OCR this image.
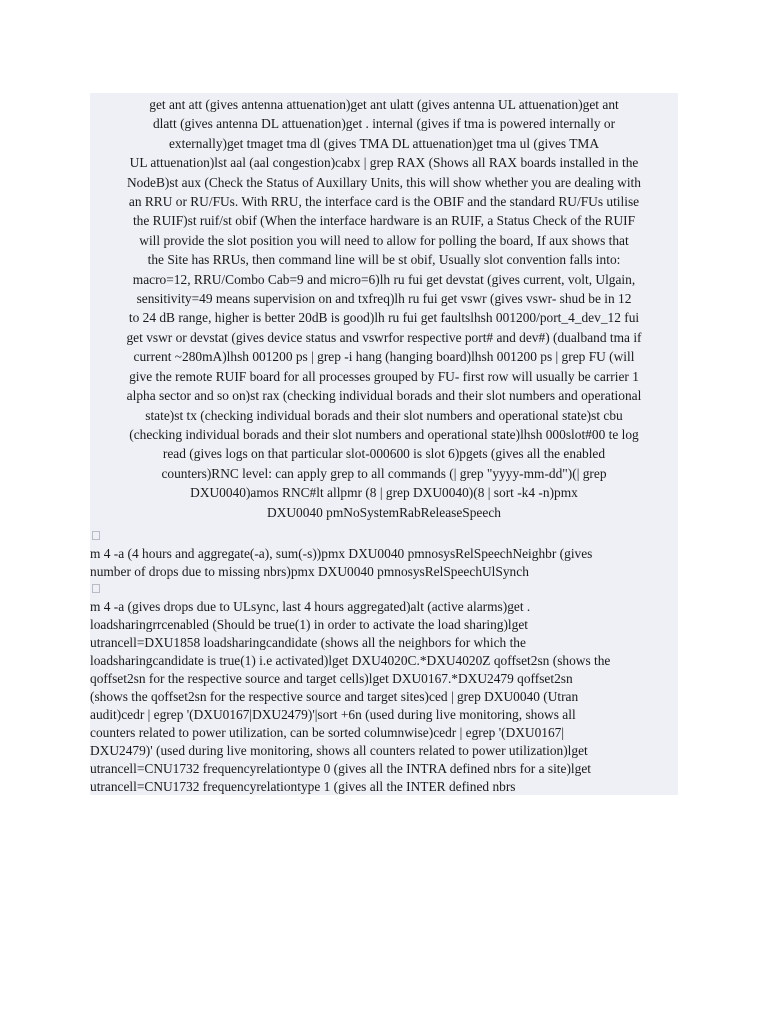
get ant att (gives antenna attuenation)get ant ulatt (gives antenna UL attuenation)get ant
dlatt (gives antenna DL attuenation)get . internal (gives if tma is powered internally or
externally)get tmaget tma dl (gives TMA DL attuenation)get tma ul (gives TMA
UL attuenation)lst aal (aal congestion)cabx | grep RAX (Shows all RAX boards installed in the
NodeB)st aux (Check the Status of Auxillary Units, this will show whether you are dealing with
an RRU or RU/FUs. With RRU, the interface card is the OBIF and the standard RU/FUs utilise
the RUIF)st ruif/st obif (When the interface hardware is an RUIF, a Status Check of the RUIF
will provide the slot position you will need to allow for polling the board, If aux shows that
the Site has RRUs, then command line will be st obif, Usually slot convention falls into:
macro=12, RRU/Combo Cab=9 and micro=6)lh ru fui get devstat (gives current, volt, Ulgain,
sensitivity=49 means supervision on and txfreq)lh ru fui get vswr (gives vswr- shud be in 12
to 24 dB range, higher is better 20dB is good)lh ru fui get faultslhsh 001200/port_4_dev_12 fui
get vswr or devstat (gives device status and vswrfor respective port# and dev#) (dualband tma if
current ~280mA)lhsh 001200 ps | grep -i hang (hanging board)lhsh 001200 ps | grep FU (will
give the remote RUIF board for all processes grouped by FU- first row will usually be carrier 1
alpha sector and so on)st rax (checking individual borads and their slot numbers and operational
state)st tx (checking individual borads and their slot numbers and operational state)st cbu
(checking individual borads and their slot numbers and operational state)lhsh 000slot#00 te log
read (gives logs on that particular slot-000600 is slot 6)pgets (gives all the enabled
counters)RNC level: can apply grep to all commands (| grep "yyyy-mm-dd")(| grep
DXU0040)amos RNC#lt allpmr (8 | grep DXU0040)(8 | sort -k4 -n)pmx
DXU0040 pmNoSystemRabReleaseSpeech
m 4 -a (4 hours and aggregate(-a), sum(-s))pmx DXU0040 pmnosysRelSpeechNeighbr (gives
number of drops due to missing nbrs)pmx DXU0040 pmnosysRelSpeechUlSynch
m 4 -a (gives drops due to ULsync, last 4 hours aggregated)alt (active alarms)get .
loadsharingrrcenabled (Should be true(1) in order to activate the load sharing)lget
utrancell=DXU1858 loadsharingcandidate (shows all the neighbors for which the
loadsharingcandidate is true(1) i.e activated)lget DXU4020C.*DXU4020Z qoffset2sn (shows the
qoffset2sn for the respective source and target cells)lget DXU0167.*DXU2479 qoffset2sn
(shows the qoffset2sn for the respective source and target sites)ced | grep DXU0040 (Utran
audit)cedr | egrep '(DXU0167|DXU2479)'|sort +6n (used during live monitoring, shows all
counters related to power utilization, can be sorted columnwise)cedr | egrep '(DXU0167|
DXU2479)' (used during live monitoring, shows all counters related to power utilization)lget
utrancell=CNU1732 frequencyrelationtype 0 (gives all the INTRA defined nbrs for a site)lget
utrancell=CNU1732 frequencyrelationtype 1 (gives all the INTER defined nbrs
